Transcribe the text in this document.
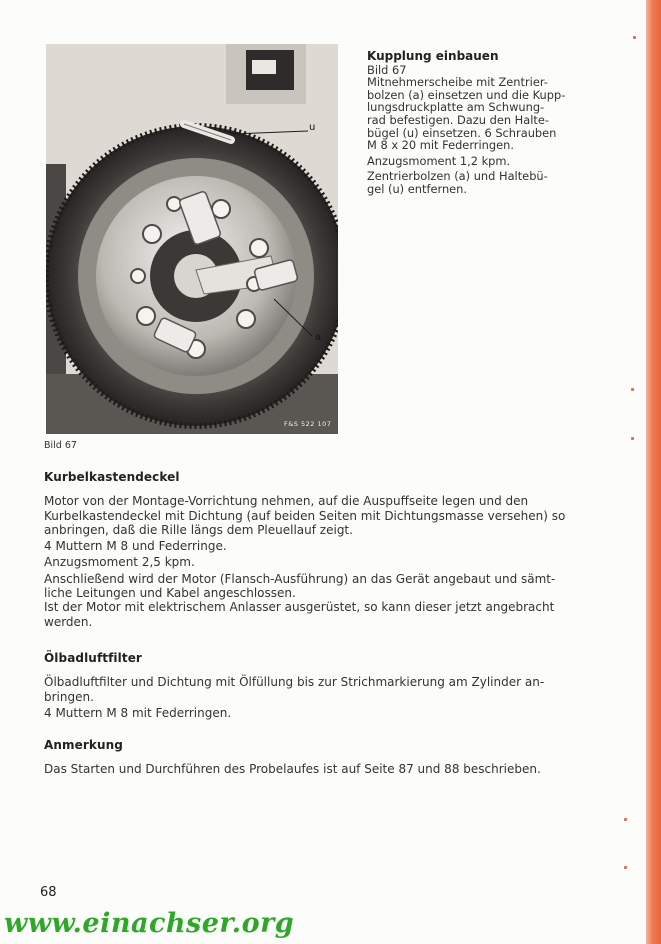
u
a
F&S 522 107
Bild 67
Kupplung einbauen

Bild 67

Mitnehmerscheibe mit Zentrier-

bolzen (a) einsetzen und die Kupp-

lungsdruckplatte am Schwung-

rad befestigen. Dazu den Halte-

bügel (u) einsetzen. 6 Schrauben

M 8 x 20 mit Federringen.

Anzugsmoment 1,2 kpm.

Zentrierbolzen (a) und Haltebü-

gel (u) entfernen.

Kurbelkastendeckel

Motor von der Montage-Vorrichtung nehmen, auf die Auspuffseite legen und den

Kurbelkastendeckel mit Dichtung (auf beiden Seiten mit Dichtungsmasse versehen) so

anbringen, daß die Rille längs dem Pleuellauf zeigt.

4 Muttern M 8 und Federringe.

Anzugsmoment 2,5 kpm.

Anschließend wird der Motor (Flansch-Ausführung) an das Gerät angebaut und sämt-

liche Leitungen und Kabel angeschlossen.

Ist der Motor mit elektrischem Anlasser ausgerüstet, so kann dieser jetzt angebracht

werden.

Ölbadluftfilter

Ölbadluftfilter und Dichtung mit Ölfüllung bis zur Strichmarkierung am Zylinder an-

bringen.

4 Muttern M 8 mit Federringen.

Anmerkung

Das Starten und Durchführen des Probelaufes ist auf Seite 87 und 88 beschrieben.

68
www.einachser.org
